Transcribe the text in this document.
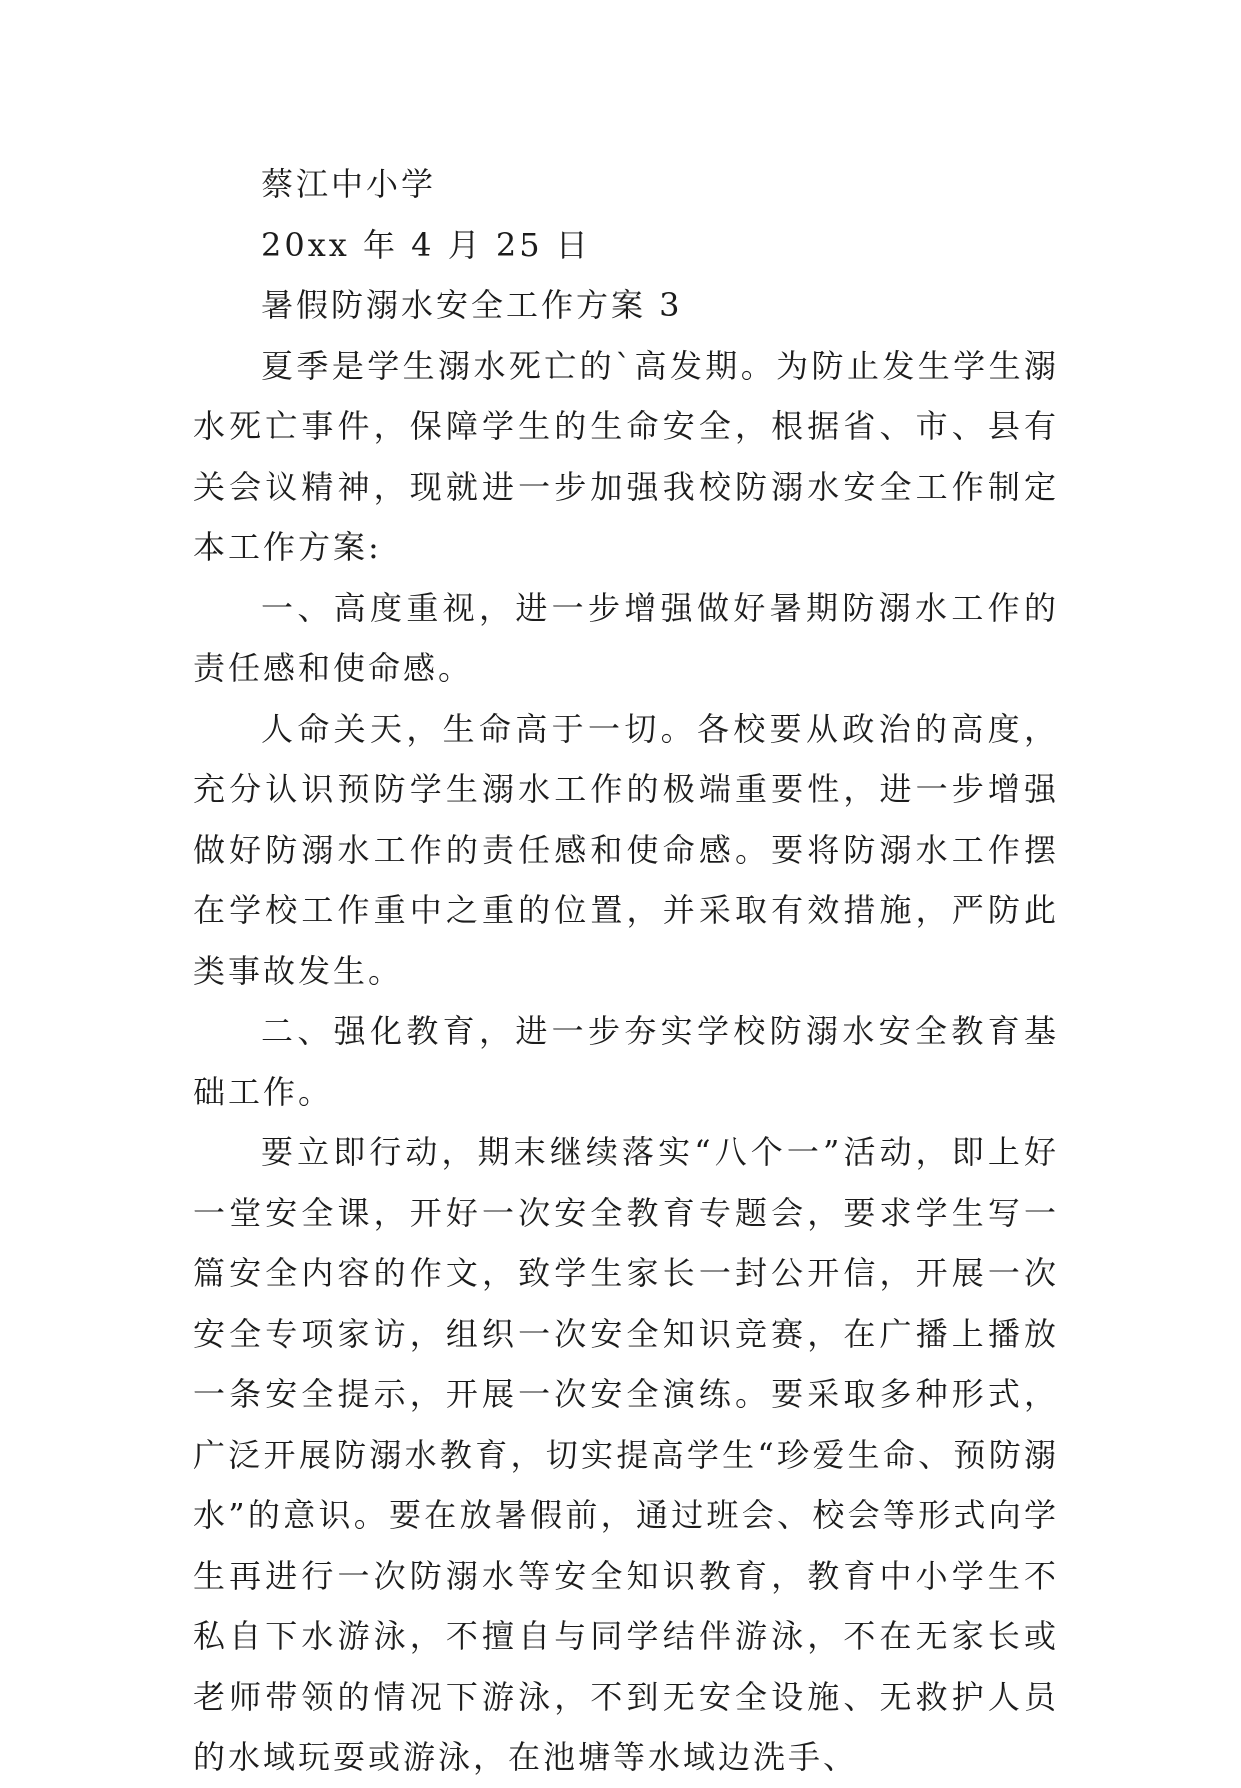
蔡江中小学

20xx 年 4 月 25 日

暑假防溺水安全工作方案 3

夏季是学生溺水死亡的`高发期。为防止发生学生溺水死亡事件，保障学生的生命安全，根据省、市、县有关会议精神，现就进一步加强我校防溺水安全工作制定本工作方案:

一、高度重视，进一步增强做好暑期防溺水工作的责任感和使命感。

人命关天，生命高于一切。各校要从政治的高度，充分认识预防学生溺水工作的极端重要性，进一步增强做好防溺水工作的责任感和使命感。要将防溺水工作摆在学校工作重中之重的位置，并采取有效措施，严防此类事故发生。

二、强化教育，进一步夯实学校防溺水安全教育基础工作。

要立即行动，期末继续落实“八个一”活动，即上好一堂安全课，开好一次安全教育专题会，要求学生写一篇安全内容的作文，致学生家长一封公开信，开展一次安全专项家访，组织一次安全知识竞赛，在广播上播放一条安全提示，开展一次安全演练。要采取多种形式，广泛开展防溺水教育，切实提高学生“珍爱生命、预防溺水”的意识。要在放暑假前，通过班会、校会等形式向学生再进行一次防溺水等安全知识教育，教育中小学生不私自下水游泳，不擅自与同学结伴游泳，不在无家长或老师带领的情况下游泳，不到无安全设施、无救护人员的水域玩耍或游泳，在池塘等水域边洗手、
